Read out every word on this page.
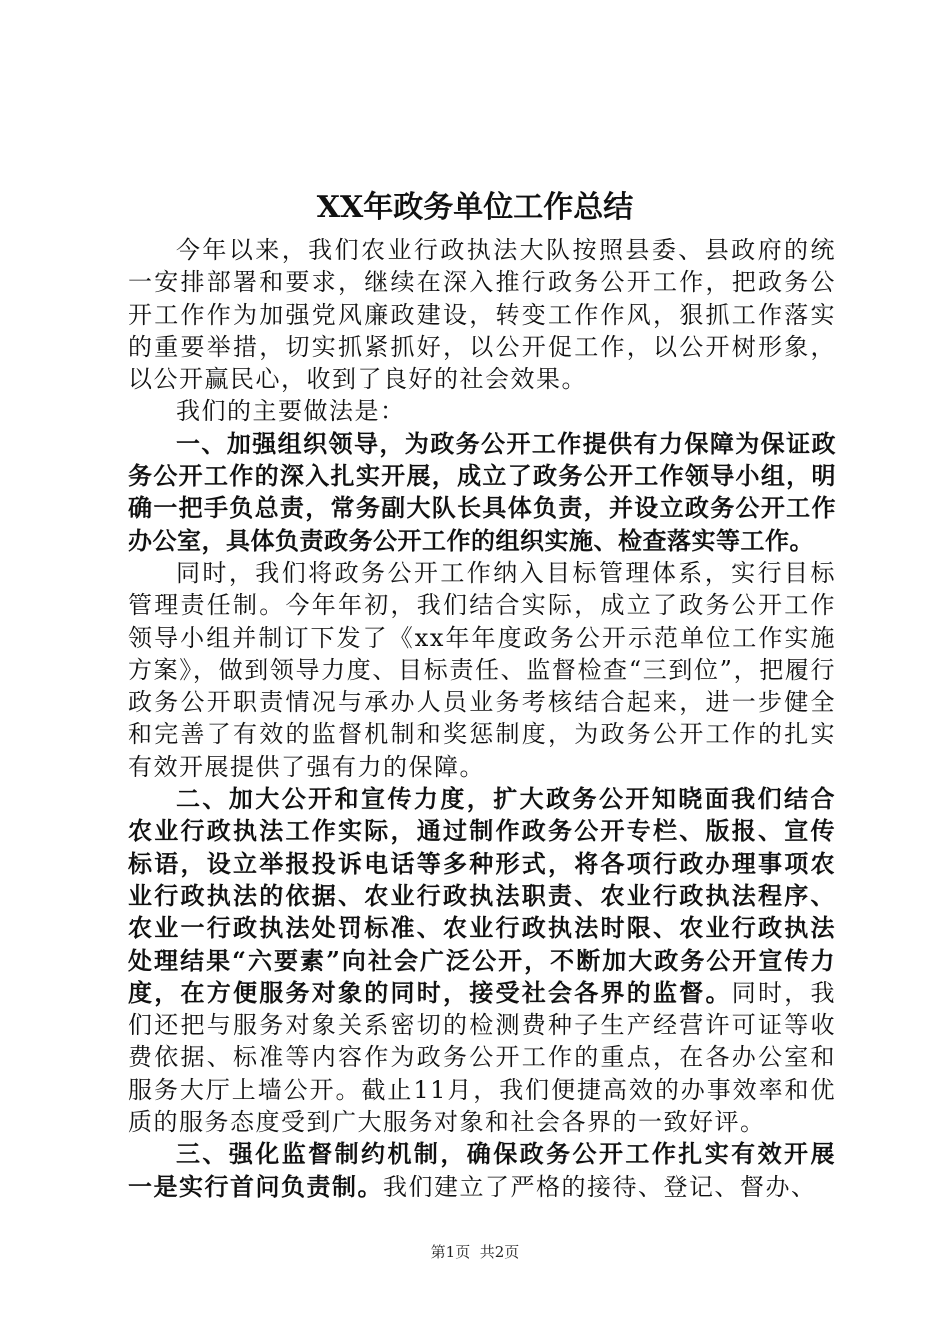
XX年政务单位工作总结

今年以来，我们农业行政执法大队按照县委、县政府的统一安排部署和要求，继续在深入推行政务公开工作，把政务公开工作作为加强党风廉政建设，转变工作作风，狠抓工作落实的重要举措，切实抓紧抓好，以公开促工作，以公开树形象，以公开赢民心，收到了良好的社会效果。

我们的主要做法是：

一、加强组织领导，为政务公开工作提供有力保障为保证政务公开工作的深入扎实开展，成立了政务公开工作领导小组，明确一把手负总责，常务副大队长具体负责，并设立政务公开工作办公室，具体负责政务公开工作的组织实施、检查落实等工作。

同时，我们将政务公开工作纳入目标管理体系，实行目标管理责任制。今年年初，我们结合实际，成立了政务公开工作领导小组并制订下发了《xx年年度政务公开示范单位工作实施方案》，做到领导力度、目标责任、监督检查“三到位”，把履行政务公开职责情况与承办人员业务考核结合起来，进一步健全和完善了有效的监督机制和奖惩制度，为政务公开工作的扎实有效开展提供了强有力的保障。

二、加大公开和宣传力度，扩大政务公开知晓面我们结合农业行政执法工作实际，通过制作政务公开专栏、版报、宣传标语，设立举报投诉电话等多种形式，将各项行政办理事项农业行政执法的依据、农业行政执法职责、农业行政执法程序、农业一行政执法处罚标准、农业行政执法时限、农业行政执法处理结果“六要素”向社会广泛公开，不断加大政务公开宣传力度，在方便服务对象的同时，接受社会各界的监督。同时，我们还把与服务对象关系密切的检测费种子生产经营许可证等收费依据、标准等内容作为政务公开工作的重点，在各办公室和服务大厅上墙公开。截止11月，我们便捷高效的办事效率和优质的服务态度受到广大服务对象和社会各界的一致好评。

三、强化监督制约机制，确保政务公开工作扎实有效开展一是实行首问负责制。我们建立了严格的接待、登记、督办、

第1页 共2页
